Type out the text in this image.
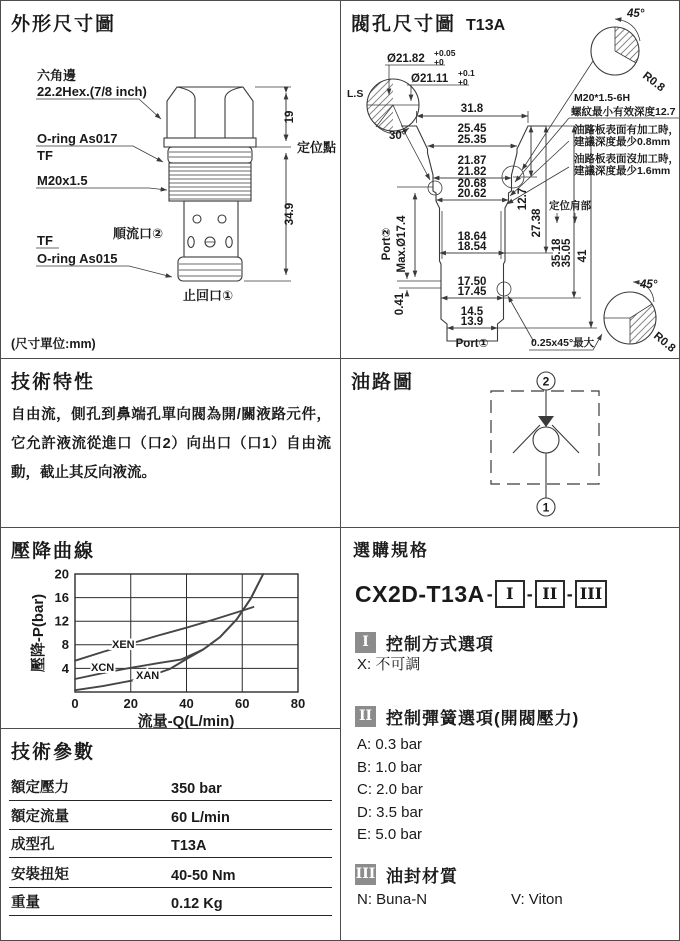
外形尺寸圖
六角邊
22.2Hex.(7/8 inch)
O-ring As017
TF
M20x1.5
順流口②
TF
O-ring As015
止回口①
定位點
19
34.9
(尺寸單位:mm)
閥孔尺寸圖 T13A
L.S
Ø21.82 +0.05
+0
Ø21.11 +0.1
+0
30°
45°
R0.8
45°
R0.8
31.8
25.45
25.35
21.87
21.82
20.68
20.62
18.64
18.54
17.50
17.45
14.5
13.9
12.7
27.38
35.18
35.05 41
Port② Max.Ø17.4
0.41
Port①	0.25x45°最大
定位肩部
M20*1.5-6H
螺紋最小有效深度12.7
油路板表面有加工時，
建議深度最少0.8mm
油路板表面沒加工時，
建議深度最少1.6mm
技術特性
自由流，側孔到鼻端孔單向閥為開/關液路元件，它允許液流從進口（口2）向出口（口1）自由流動，截止其反向液流。
油路圖	2
1
壓降曲線
XEN
XCN
XAN
20
16
12
8
4
0	20	40	60	80
壓降-P(bar)
流量-Q(L/min)
技術參數
額定壓力	350 bar
額定流量	60 L/min
成型孔	T13A
安裝扭矩	40-50 Nm
重量	0.12 Kg
選購規格
CX2D-T13A - I - II - III
I	控制方式選項
X: 不可調
II 控制彈簧選項(開閥壓力)
A: 0.3 bar
B: 1.0 bar
C: 2.0 bar
D: 3.5 bar
E: 5.0 bar
III 油封材質
N: Buna-N	V: Viton
